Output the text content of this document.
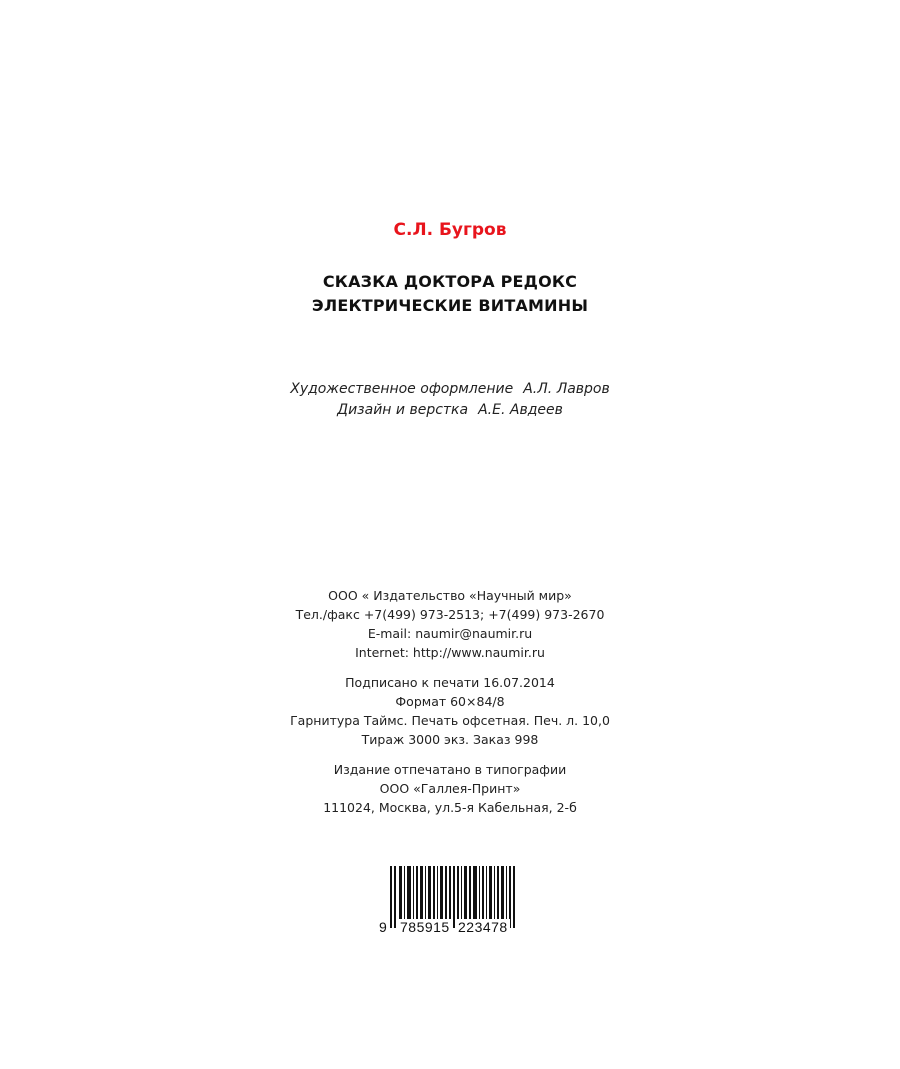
С.Л. Бугров
СКАЗКА ДОКТОРА РЕДОКС
ЭЛЕКТРИЧЕСКИЕ ВИТАМИНЫ
Художественное оформление А.Л. Лавров
Дизайн и верстка А.Е. Авдеев
ООО « Издательство «Научный мир»
Тел./факс +7(499) 973-2513; +7(499) 973-2670
E-mail: naumir@naumir.ru
Internet: http://www.naumir.ru
Подписано к печати 16.07.2014
Формат 60×84/8
Гарнитура Таймс. Печать офсетная. Печ. л. 10,0
Тираж 3000 экз. Заказ 998
Издание отпечатано в типографии
ООО «Галлея-Принт»
111024, Москва, ул.5-я Кабельная, 2-б
9 785915 223478
